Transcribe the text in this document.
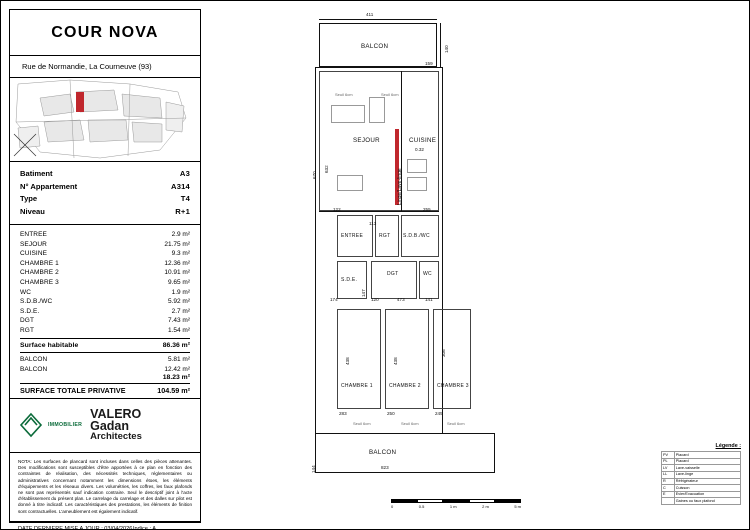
COUR NOVA
Rue de Normandie, La Courneuve (93)
Batiment	A3
N° Appartement	A314
Type	T4
Niveau	R+1
ENTREE	2.9 m²
SEJOUR	21.75 m²
CUISINE	9.3 m²
CHAMBRE 1	12.36 m²
CHAMBRE 2	10.91 m²
CHAMBRE 3	9.65 m²
WC	1.9 m²
S.D.B./WC	5.92 m²
S.D.E.	2.7 m²
DGT	7.43 m²
RGT	1.54 m²
Surface habitable	86.36 m²
BALCON	5.81 m²
BALCON	12.42 m²
18.23 m²
SURFACE TOTALE PRIVATIVE	104.59 m²
IMMOBILIER
VALERO
Gadan
Architectes
NOTA: Les surfaces de plancard sont incluses dans celles des pièces attenantes. Des modifications sont susceptibles d'être apportées à ce plan en fonction des contraintes de réalisation, des nécessités techniques, réglementaires ou administratives concernant notamment les dimensions étoes, les éléments d'équipements et les réseaux divers. Les volumétries, les coffres, les faux plafonds ne sont pas représentés sauf indication contraire. Seul le descriptif joint à l'acte d'établissement du présent plan. Le carrelage du carrelage et des dalles sur pilot est donné à titre indicatif. Les caractéristiques des prestations, les éléments de finition sont contractuelles. L'ameublement est également indicatif.
DATE DERNIERE MISE A JOUR : 03/04/2026 Indice : A
BALCON
411
140
SEJOUR	CUISINE
Linge/Lave-linge
0.32
Seuil 6cm	Seuil 6cm
159
670
632
ENTREE	RGT	S.D.B./WC
122
113
255
S.D.E.
DGT	WC
174
147
120	473	141
CHAMBRE 1	CHAMBRE 2	CHAMBRE 3
438	438
306
283	250	245
Seuil 6cm	Seuil 6cm	Seuil 6cm
BALCON
823
144
0	0.5	1 m	2 m	5 m
Légende :
PV	Placard
PL	Placard
LV	Lave-vaisselle
LL	Lave-linge
R	Réfrigérateur
C	Cuisson
E	Evier/Evacuation
	Gaines ou faux plafond
